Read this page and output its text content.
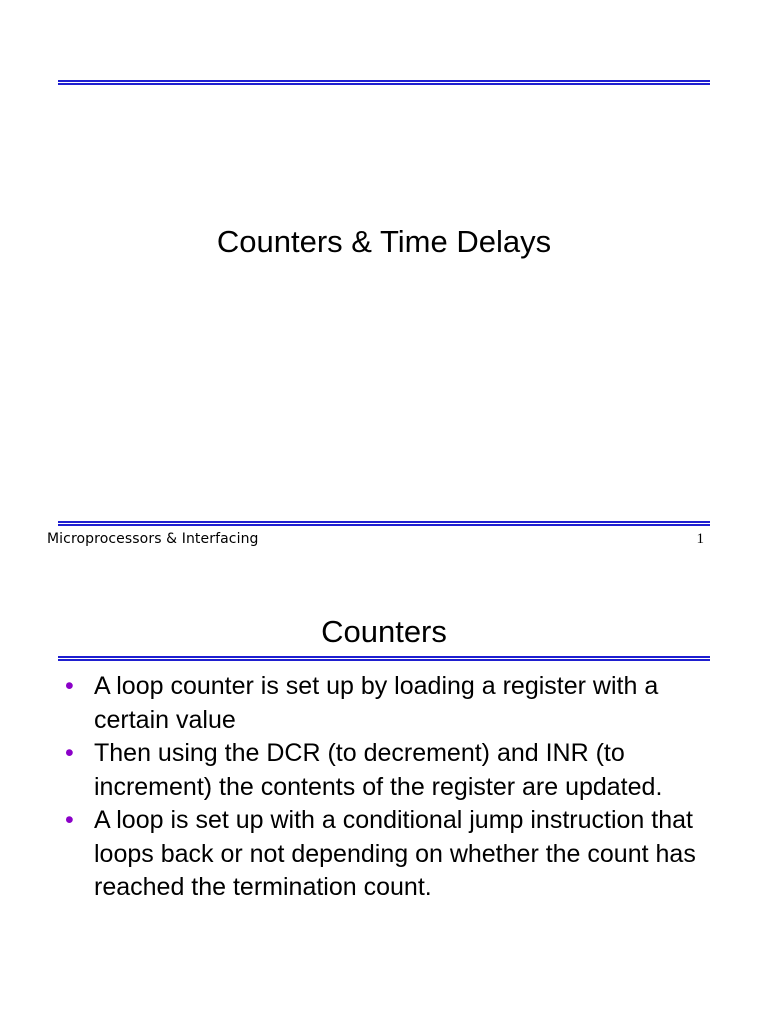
Counters & Time Delays
Microprocessors & Interfacing	1
Counters
• A loop counter is set up by loading a register with a certain value
• Then using the DCR (to decrement) and INR (to increment) the contents of the register are updated.
• A loop is set up with a conditional jump instruction that loops back or not depending on whether the count has reached the termination count.
